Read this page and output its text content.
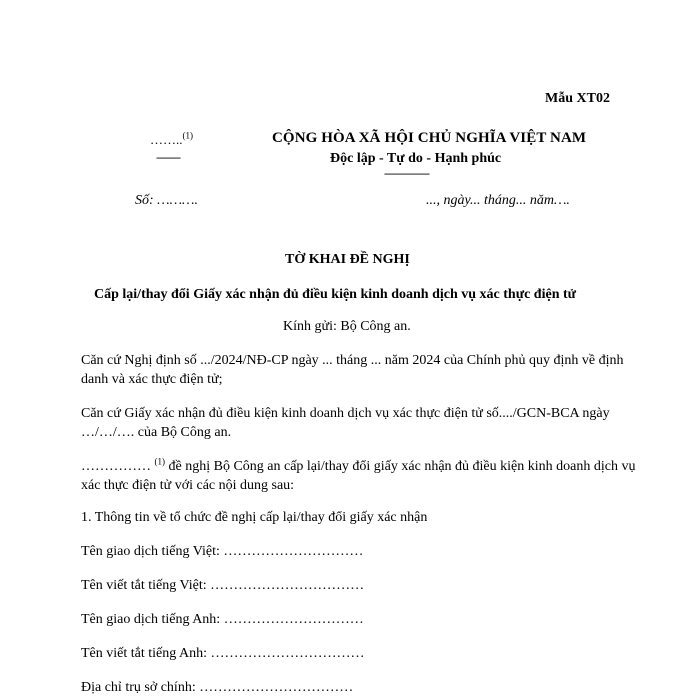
Mẫu XT02
……..$^{(1)}$
--------
CỘNG HÒA XÃ HỘI CHỦ NGHĨA VIỆT NAM
Độc lập - Tự do - Hạnh phúc
---------------
Số: ……….	..., ngày... tháng... năm….
TỜ KHAI ĐỀ NGHỊ
Cấp lại/thay đổi Giấy xác nhận đủ điều kiện kinh doanh dịch vụ xác thực điện tử
Kính gửi: Bộ Công an.
Căn cứ Nghị định số .../2024/NĐ-CP ngày ... tháng ... năm 2024 của Chính phủ quy định về định danh và xác thực điện tử;
Căn cứ Giấy xác nhận đủ điều kiện kinh doanh dịch vụ xác thực điện tử số..../GCN-BCA ngày …/…/…. của Bộ Công an.
…………… $^{(1)}$ đề nghị Bộ Công an cấp lại/thay đổi giấy xác nhận đủ điều kiện kinh doanh dịch vụ xác thực điện tử với các nội dung sau:
1. Thông tin về tổ chức đề nghị cấp lại/thay đổi giấy xác nhận
Tên giao dịch tiếng Việt: …………………………
Tên viết tắt tiếng Việt: ……………………………
Tên giao dịch tiếng Anh: …………………………
Tên viết tắt tiếng Anh: ……………………………
Địa chỉ trụ sở chính: ……………………………
